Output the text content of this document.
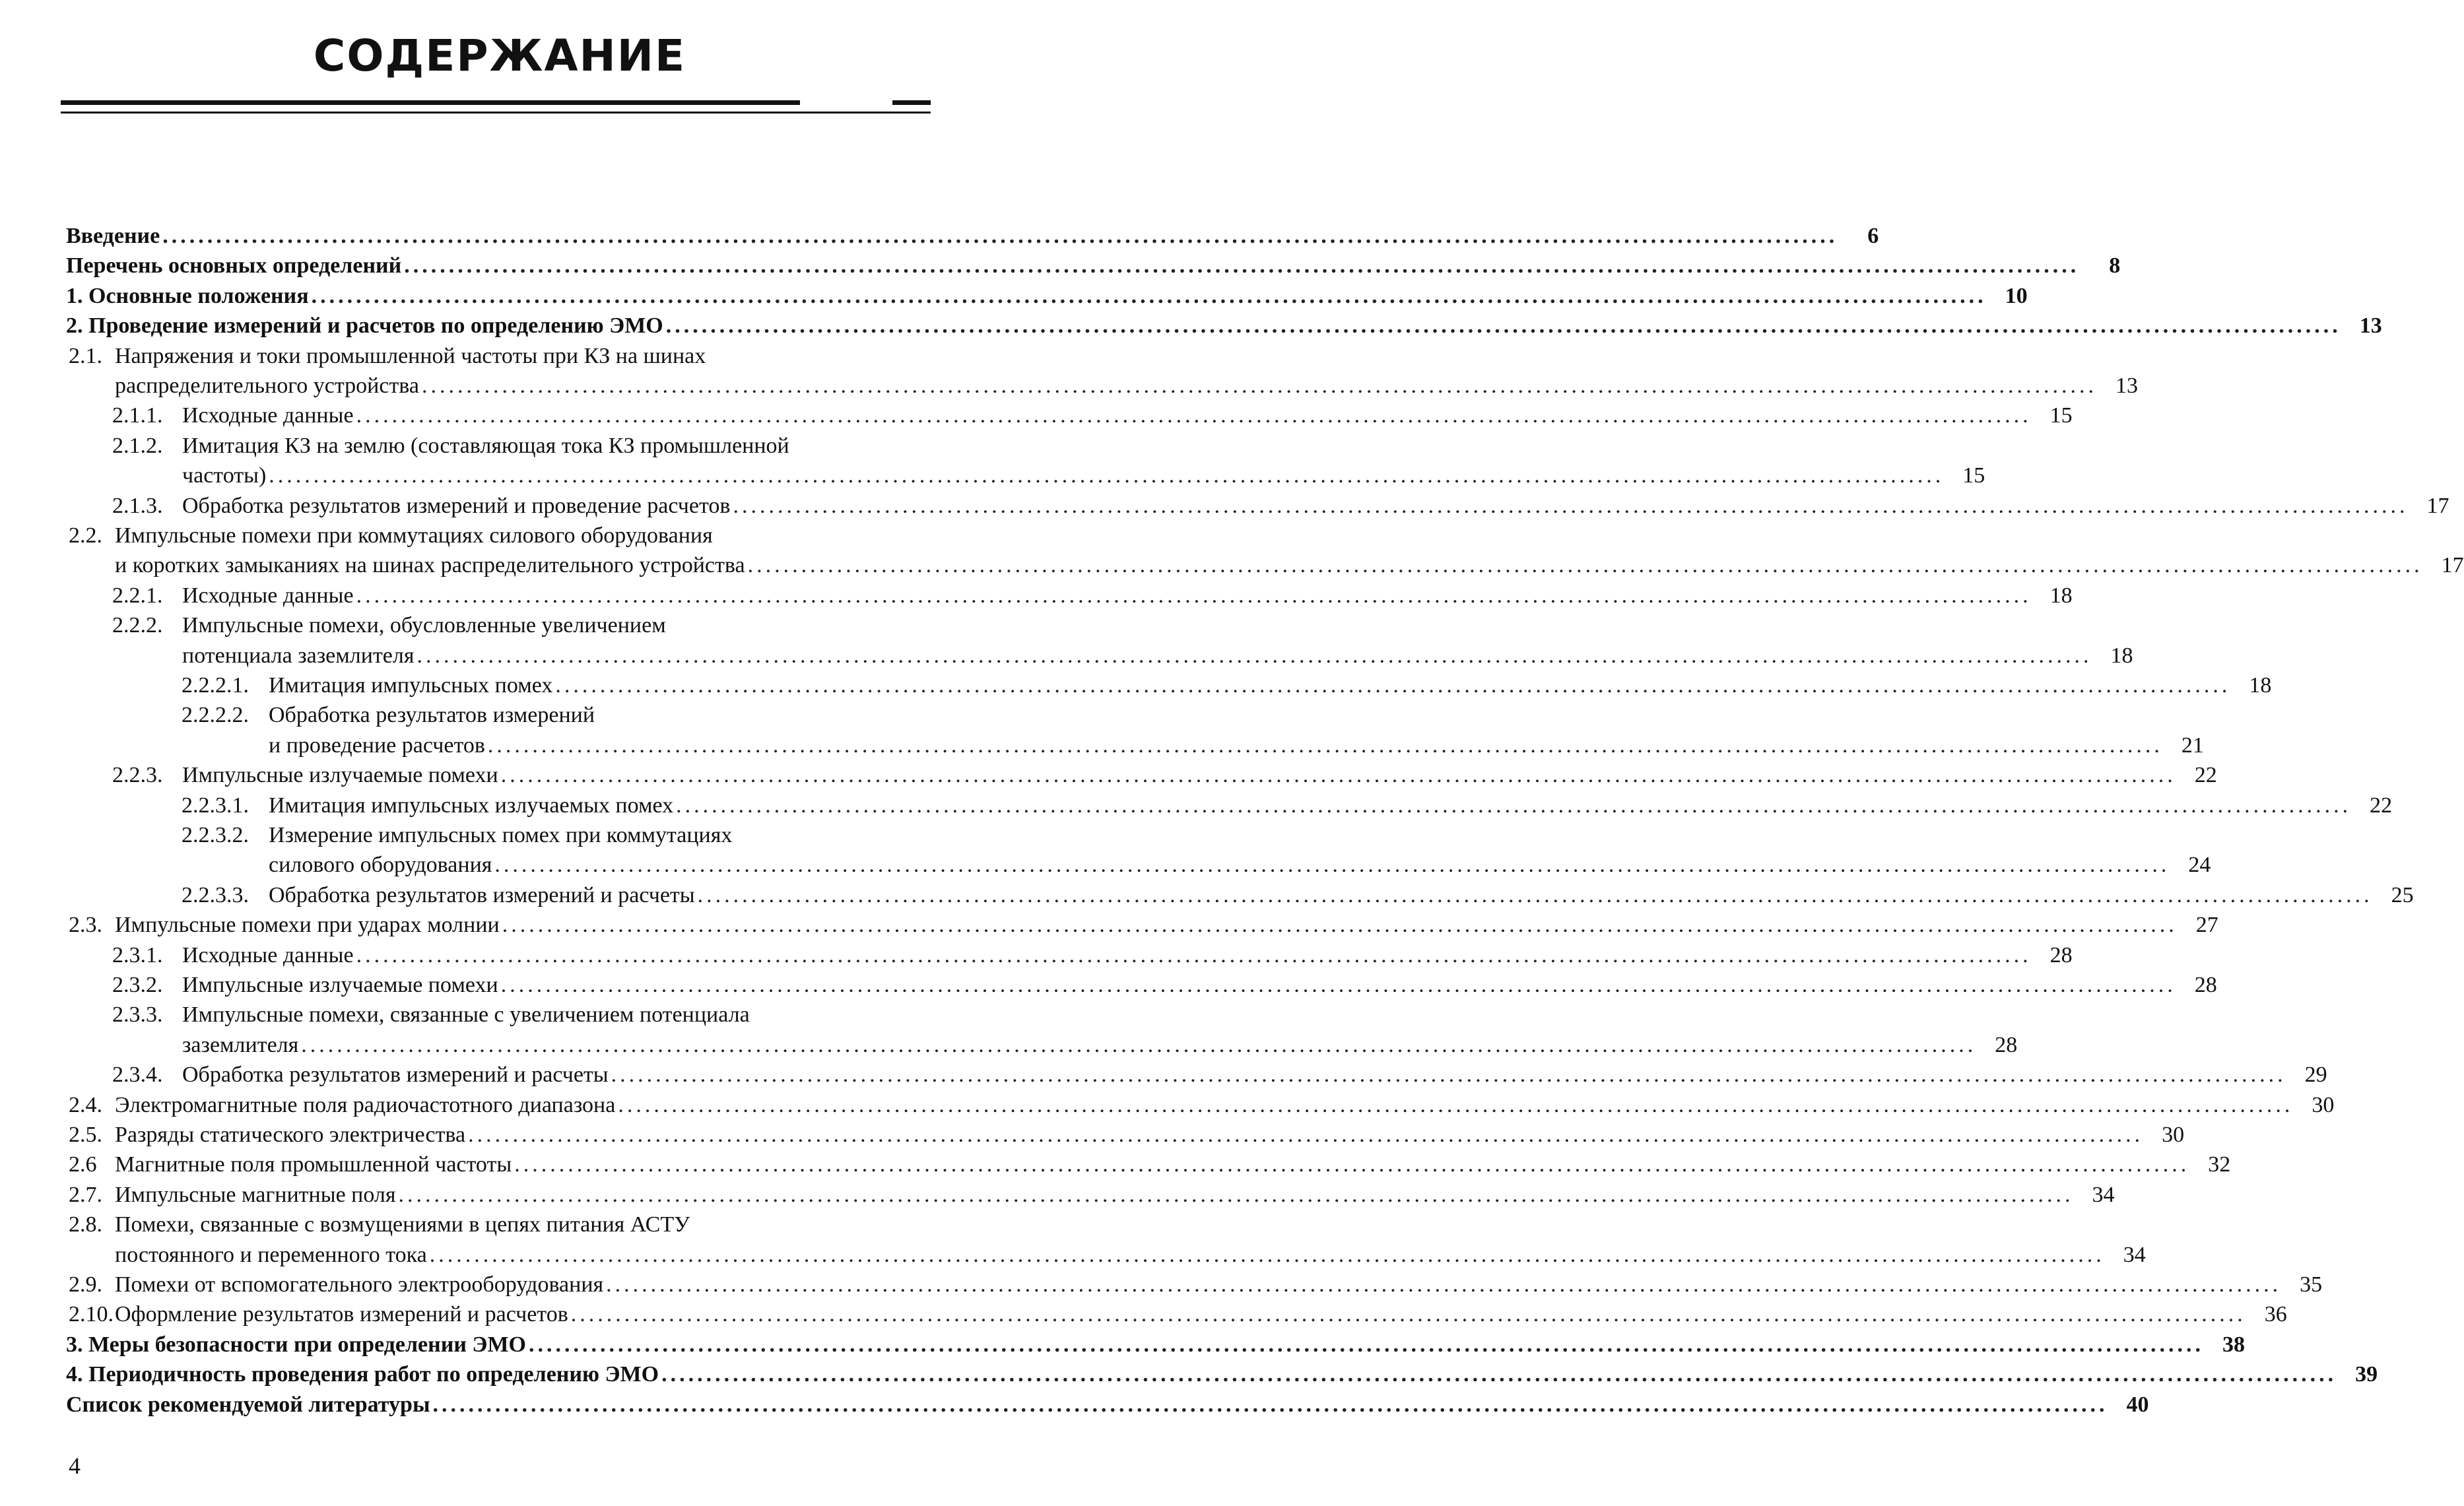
СОДЕРЖАНИЕ
Введение ............................................................................................................................................................................................	6
Перечень основных определений ............................................................................................................................................................................................	8
1. Основные положения ............................................................................................................................................................................................ 10
2. Проведение измерений и расчетов по определению ЭМО ............................................................................................................................................................................................ 13
2.1. Напряжения и токи промышленной частоты при КЗ на шинах
распределительного устройства ............................................................................................................................................................................................ 13
2.1.1. Исходные данные ............................................................................................................................................................................................ 15
2.1.2. Имитация КЗ на землю (составляющая тока КЗ промышленной
частоты) ............................................................................................................................................................................................ 15
2.1.3. Обработка результатов измерений и проведение расчетов ............................................................................................................................................................................................ 17
2.2. Импульсные помехи при коммутациях силового оборудования
и коротких замыканиях на шинах распределительного устройства ............................................................................................................................................................................................ 17
2.2.1. Исходные данные ............................................................................................................................................................................................ 18
2.2.2. Импульсные помехи, обусловленные увеличением
потенциала заземлителя ............................................................................................................................................................................................ 18
2.2.2.1. Имитация импульсных помех ............................................................................................................................................................................................ 18
2.2.2.2. Обработка результатов измерений
и проведение расчетов ............................................................................................................................................................................................ 21
2.2.3. Импульсные излучаемые помехи ............................................................................................................................................................................................ 22
2.2.3.1. Имитация импульсных излучаемых помех ............................................................................................................................................................................................ 22
2.2.3.2. Измерение импульсных помех при коммутациях
силового оборудования ............................................................................................................................................................................................ 24
2.2.3.3. Обработка результатов измерений и расчеты ............................................................................................................................................................................................ 25
2.3. Импульсные помехи при ударах молнии ............................................................................................................................................................................................ 27
2.3.1. Исходные данные ............................................................................................................................................................................................ 28
2.3.2. Импульсные излучаемые помехи ............................................................................................................................................................................................ 28
2.3.3. Импульсные помехи, связанные с увеличением потенциала
заземлителя ............................................................................................................................................................................................ 28
2.3.4. Обработка результатов измерений и расчеты ............................................................................................................................................................................................ 29
2.4. Электромагнитные поля радиочастотного диапазона ............................................................................................................................................................................................ 30
2.5. Разряды статического электричества ............................................................................................................................................................................................ 30
2.6 Магнитные поля промышленной частоты ............................................................................................................................................................................................ 32
2.7. Импульсные магнитные поля ............................................................................................................................................................................................ 34
2.8. Помехи, связанные с возмущениями в цепях питания АСТУ
постоянного и переменного тока ............................................................................................................................................................................................ 34
2.9. Помехи от вспомогательного электрооборудования ............................................................................................................................................................................................ 35
2.10. Оформление результатов измерений и расчетов ............................................................................................................................................................................................ 36
3. Меры безопасности при определении ЭМО ............................................................................................................................................................................................ 38
4. Периодичность проведения работ по определению ЭМО ............................................................................................................................................................................................ 39
Список рекомендуемой литературы ............................................................................................................................................................................................ 40
4
